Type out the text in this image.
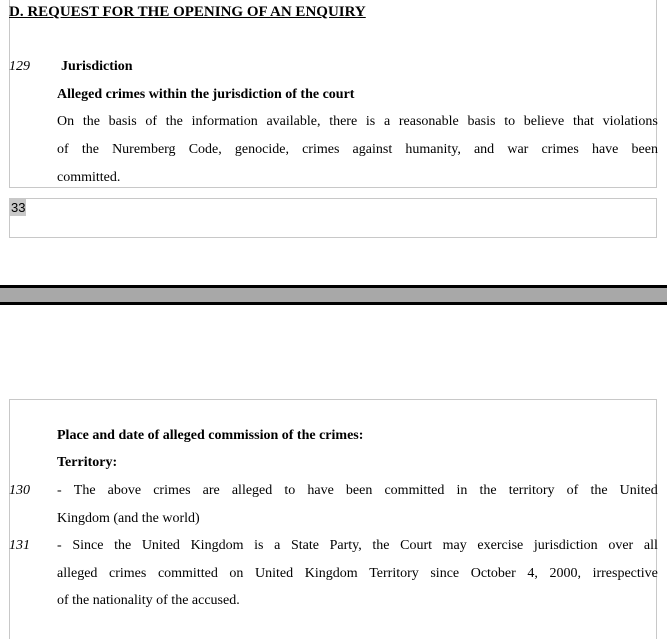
D. REQUEST FOR THE OPENING OF AN ENQUIRY
129 Jurisdiction
Alleged crimes within the jurisdiction of the court
On the basis of the information available, there is a reasonable basis to believe that violations
of the Nuremberg Code, genocide, crimes against humanity, and war crimes have been
committed.
33
Place and date of alleged commission of the crimes:
Territory:
130 - The above crimes are alleged to have been committed in the territory of the United
Kingdom (and the world)
131 - Since the United Kingdom is a State Party, the Court may exercise jurisdiction over all
alleged crimes committed on United Kingdom Territory since October 4, 2000, irrespective
of the nationality of the accused.
